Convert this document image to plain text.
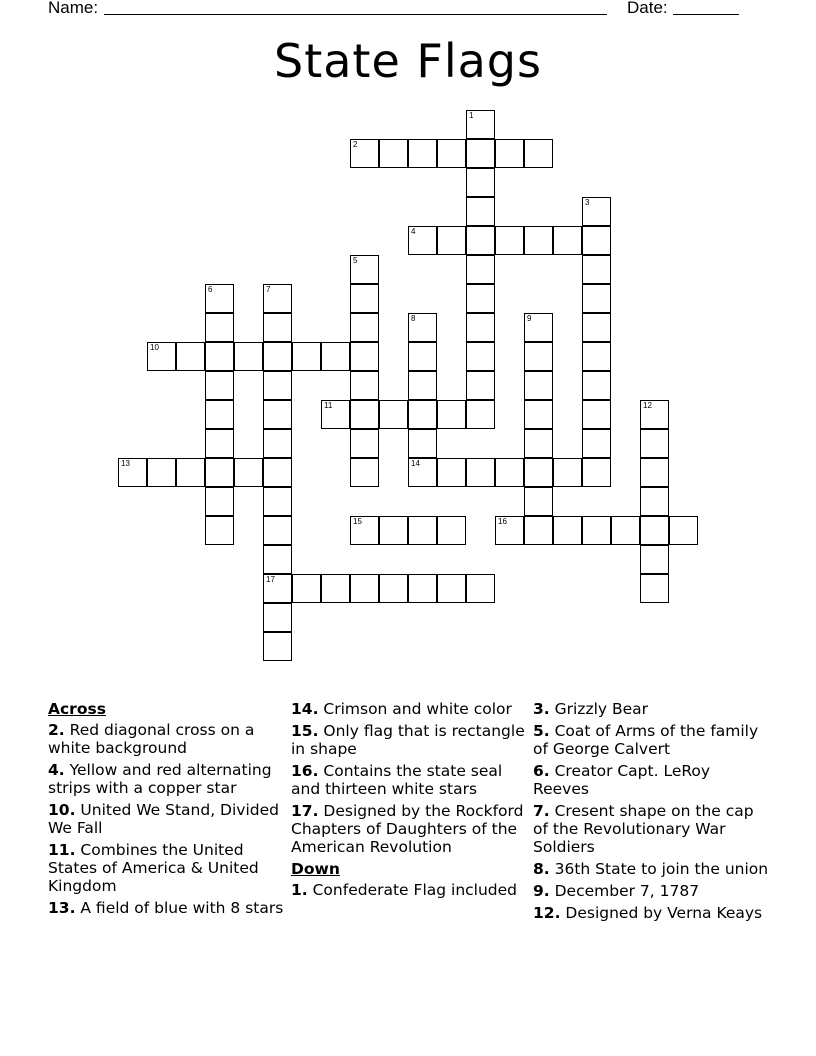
Name:	Date:
State Flags
1
2
3
4
5
6	7
17
8
14
9
10
11	12
13
15	16
Across
2. Red diagonal cross on a white background
4. Yellow and red alternating strips with a copper star
10. United We Stand, Divided We Fall
11. Combines the United States of America & United Kingdom
13. A field of blue with 8 stars
14. Crimson and white color
15. Only flag that is rectangle in shape
16. Contains the state seal and thirteen white stars
17. Designed by the Rockford Chapters of Daughters of the American Revolution
Down
1. Confederate Flag included
3. Grizzly Bear
5. Coat of Arms of the family of George Calvert
6. Creator Capt. LeRoy Reeves
7. Cresent shape on the cap of the Revolutionary War Soldiers
8. 36th State to join the union
9. December 7, 1787
12. Designed by Verna Keays
